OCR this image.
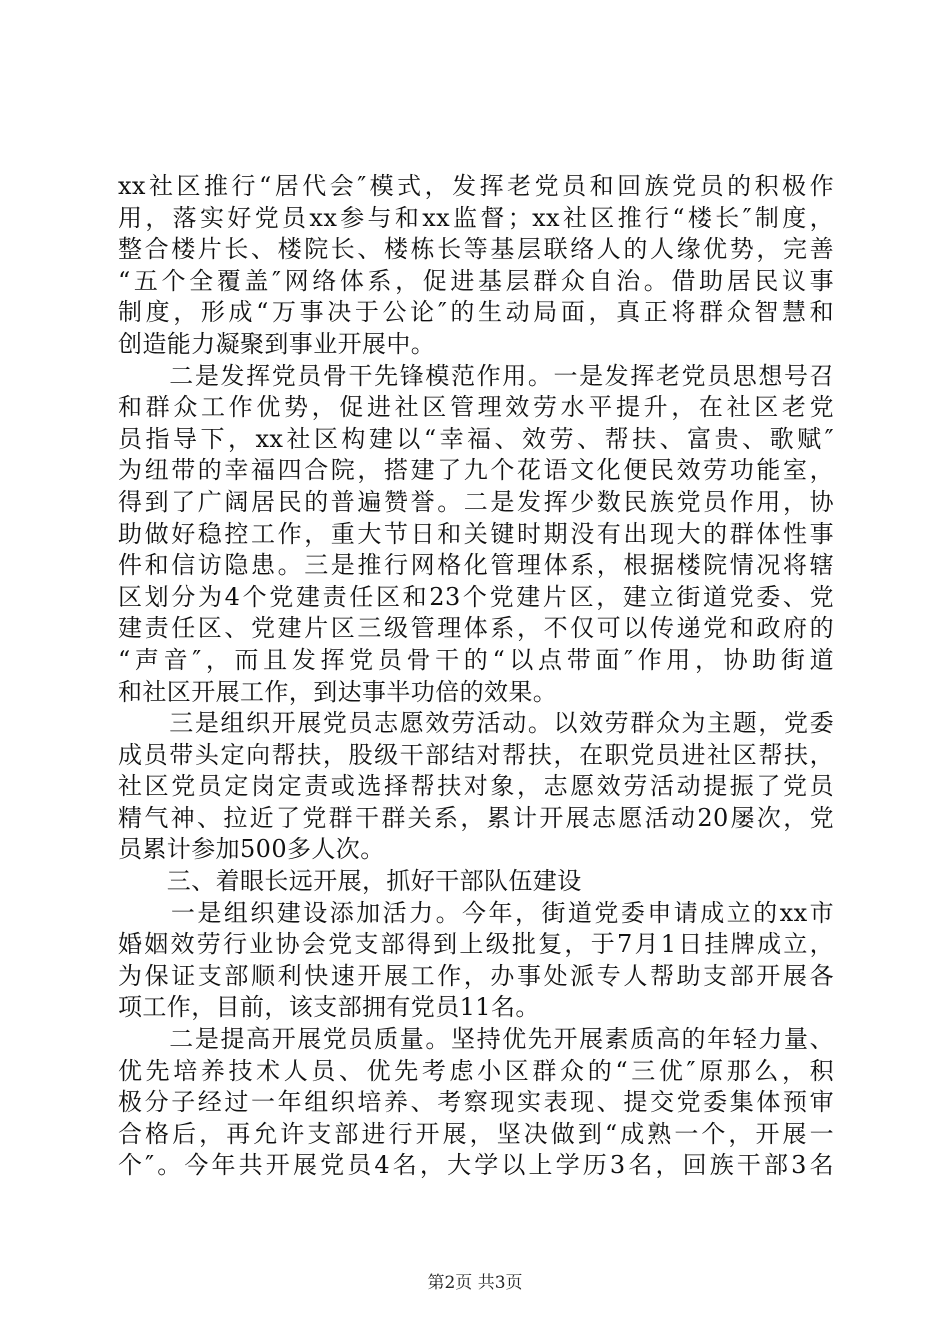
xx社区推行“居代会″模式，发挥老党员和回族党员的积极作
用，落实好党员xx参与和xx监督；xx社区推行“楼长″制度，
整合楼片长、楼院长、楼栋长等基层联络人的人缘优势，完善
“五个全覆盖″网络体系，促进基层群众自治。借助居民议事
制度，形成“万事决于公论″的生动局面，真正将群众智慧和
创造能力凝聚到事业开展中。
　　二是发挥党员骨干先锋模范作用。一是发挥老党员思想号召
和群众工作优势，促进社区管理效劳水平提升，在社区老党
员指导下，xx社区构建以“幸福、效劳、帮扶、富贵、歌赋″
为纽带的幸福四合院，搭建了九个花语文化便民效劳功能室，
得到了广阔居民的普遍赞誉。二是发挥少数民族党员作用，协
助做好稳控工作，重大节日和关键时期没有出现大的群体性事
件和信访隐患。三是推行网格化管理体系，根据楼院情况将辖
区划分为4个党建责任区和23个党建片区，建立街道党委、党
建责任区、党建片区三级管理体系，不仅可以传递党和政府的
“声音″，而且发挥党员骨干的“以点带面″作用，协助街道
和社区开展工作，到达事半功倍的效果。
　　三是组织开展党员志愿效劳活动。以效劳群众为主题，党委
成员带头定向帮扶，股级干部结对帮扶，在职党员进社区帮扶，
社区党员定岗定责或选择帮扶对象，志愿效劳活动提振了党员
精气神、拉近了党群干群关系，累计开展志愿活动20屡次，党
员累计参加500多人次。
　　三、着眼长远开展，抓好干部队伍建设
　　一是组织建设添加活力。今年，街道党委申请成立的xx市
婚姻效劳行业协会党支部得到上级批复，于7月1日挂牌成立，
为保证支部顺利快速开展工作，办事处派专人帮助支部开展各
项工作，目前，该支部拥有党员11名。
　　二是提高开展党员质量。坚持优先开展素质高的年轻力量、
优先培养技术人员、优先考虑小区群众的“三优″原那么，积
极分子经过一年组织培养、考察现实表现、提交党委集体预审
合格后，再允许支部进行开展，坚决做到“成熟一个，开展一
个″。今年共开展党员4名，大学以上学历3名，回族干部3名
第2页 共3页
